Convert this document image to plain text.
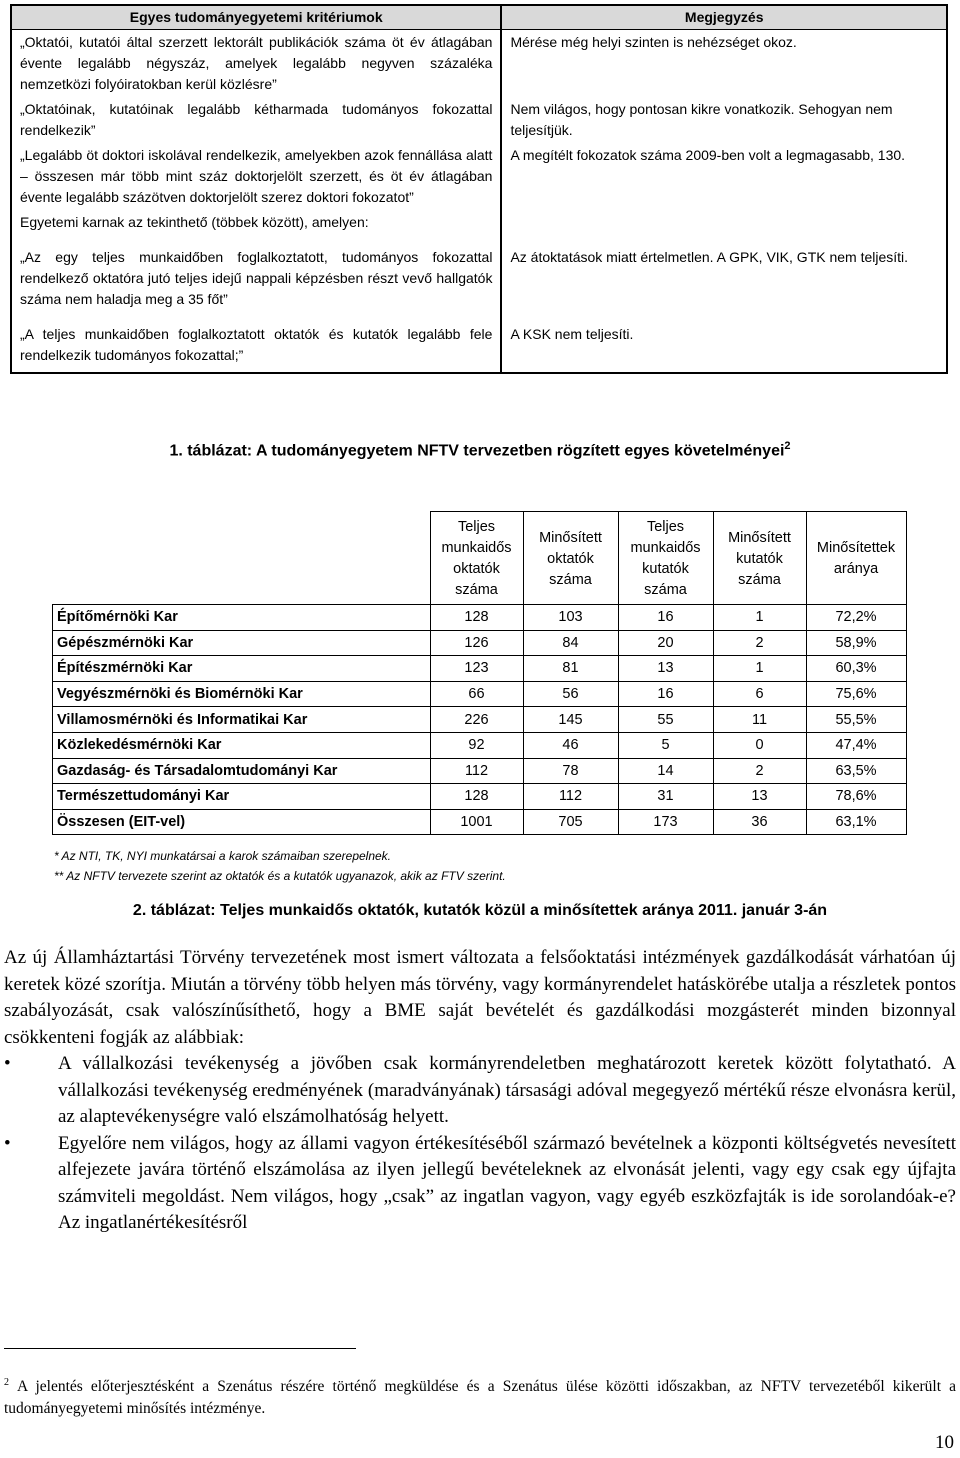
Egyes tudományegyetemi kritériumok	Megjegyzés
„Oktatói, kutatói által szerzett lektorált publikációk száma öt év átlagában évente legalább négyszáz, amelyek legalább negyven százaléka nemzetközi folyóiratokban kerül közlésre”	Mérése még helyi szinten is nehézséget okoz.
„Oktatóinak, kutatóinak legalább kétharmada tudományos fokozattal rendelkezik”	Nem világos, hogy pontosan kikre vonatkozik. Sehogyan nem teljesítjük.
„Legalább öt doktori iskolával rendelkezik, amelyekben azok fennállása alatt – összesen már több mint száz doktorjelölt szerzett, és öt év átlagában évente legalább százötven doktorjelölt szerez doktori fokozatot”	A megítélt fokozatok száma 2009-ben volt a legmagasabb, 130.
Egyetemi karnak az tekinthető (többek között), amelyen:	

„Az egy teljes munkaidőben foglalkoztatott, tudományos fokozattal rendelkező oktatóra jutó teljes idejű nappali képzésben részt vevő hallgatók száma nem haladja meg a 35 főt”	Az átoktatások miatt értelmetlen. A GPK, VIK, GTK nem teljesíti.

„A teljes munkaidőben foglalkoztatott oktatók és kutatók legalább fele rendelkezik tudományos fokozattal;”	A KSK nem teljesíti.
1. táblázat: A tudományegyetem NFTV tervezetben rögzített egyes követelményei$^2$
	Teljes munkaidős oktatók száma	Minősített oktatók száma	Teljes munkaidős kutatók száma	Minősített kutatók száma	Minősítettek aránya
Építőmérnöki Kar	128	103	16	1	72,2%
Gépészmérnöki Kar	126	84	20	2	58,9%
Építészmérnöki Kar	123	81	13	1	60,3%
Vegyészmérnöki és Biomérnöki Kar	66	56	16	6	75,6%
Villamosmérnöki és Informatikai Kar	226	145	55	11	55,5%
Közlekedésmérnöki Kar	92	46	5	0	47,4%
Gazdaság- és Társadalomtudományi Kar	112	78	14	2	63,5%
Természettudományi Kar	128	112	31	13	78,6%
Összesen (EIT-vel)	1001	705	173	36	63,1%
* Az NTI, TK, NYI munkatársai a karok számaiban szerepelnek.
** Az NFTV tervezete szerint az oktatók és a kutatók ugyanazok, akik az FTV szerint.
2. táblázat: Teljes munkaidős oktatók, kutatók közül a minősítettek aránya 2011. január 3-án

Az új Államháztartási Törvény tervezetének most ismert változata a felsőoktatási intézmények gazdálkodását várhatóan új keretek közé szorítja. Miután a törvény több helyen más törvény, vagy kormányrendelet hatáskörébe utalja a részletek pontos szabályozását, csak valószínűsíthető, hogy a BME saját bevételét és gazdálkodási mozgásterét minden bizonnyal csökkenteni fogják az alábbiak:

• A vállalkozási tevékenység a jövőben csak kormányrendeletben meghatározott keretek között folytatható. A vállalkozási tevékenység eredményének (maradványának) társasági adóval megegyező mértékű része elvonásra kerül, az alaptevékenységre való elszámolhatóság helyett.
• Egyelőre nem világos, hogy az állami vagyon értékesítéséből származó bevételnek a központi költségvetés nevesített alfejezete javára történő elszámolása az ilyen jellegű bevételeknek az elvonását jelenti, vagy egy csak egy újfajta számviteli megoldást. Nem világos, hogy „csak” az ingatlan vagyon, vagy egyéb eszközfajták is ide sorolandóak-e? Az ingatlanértékesítésről
$^2$ A jelentés előterjesztésként a Szenátus részére történő megküldése és a Szenátus ülése közötti időszakban, az NFTV tervezetéből kikerült a tudományegyetemi minősítés intézménye.
10
